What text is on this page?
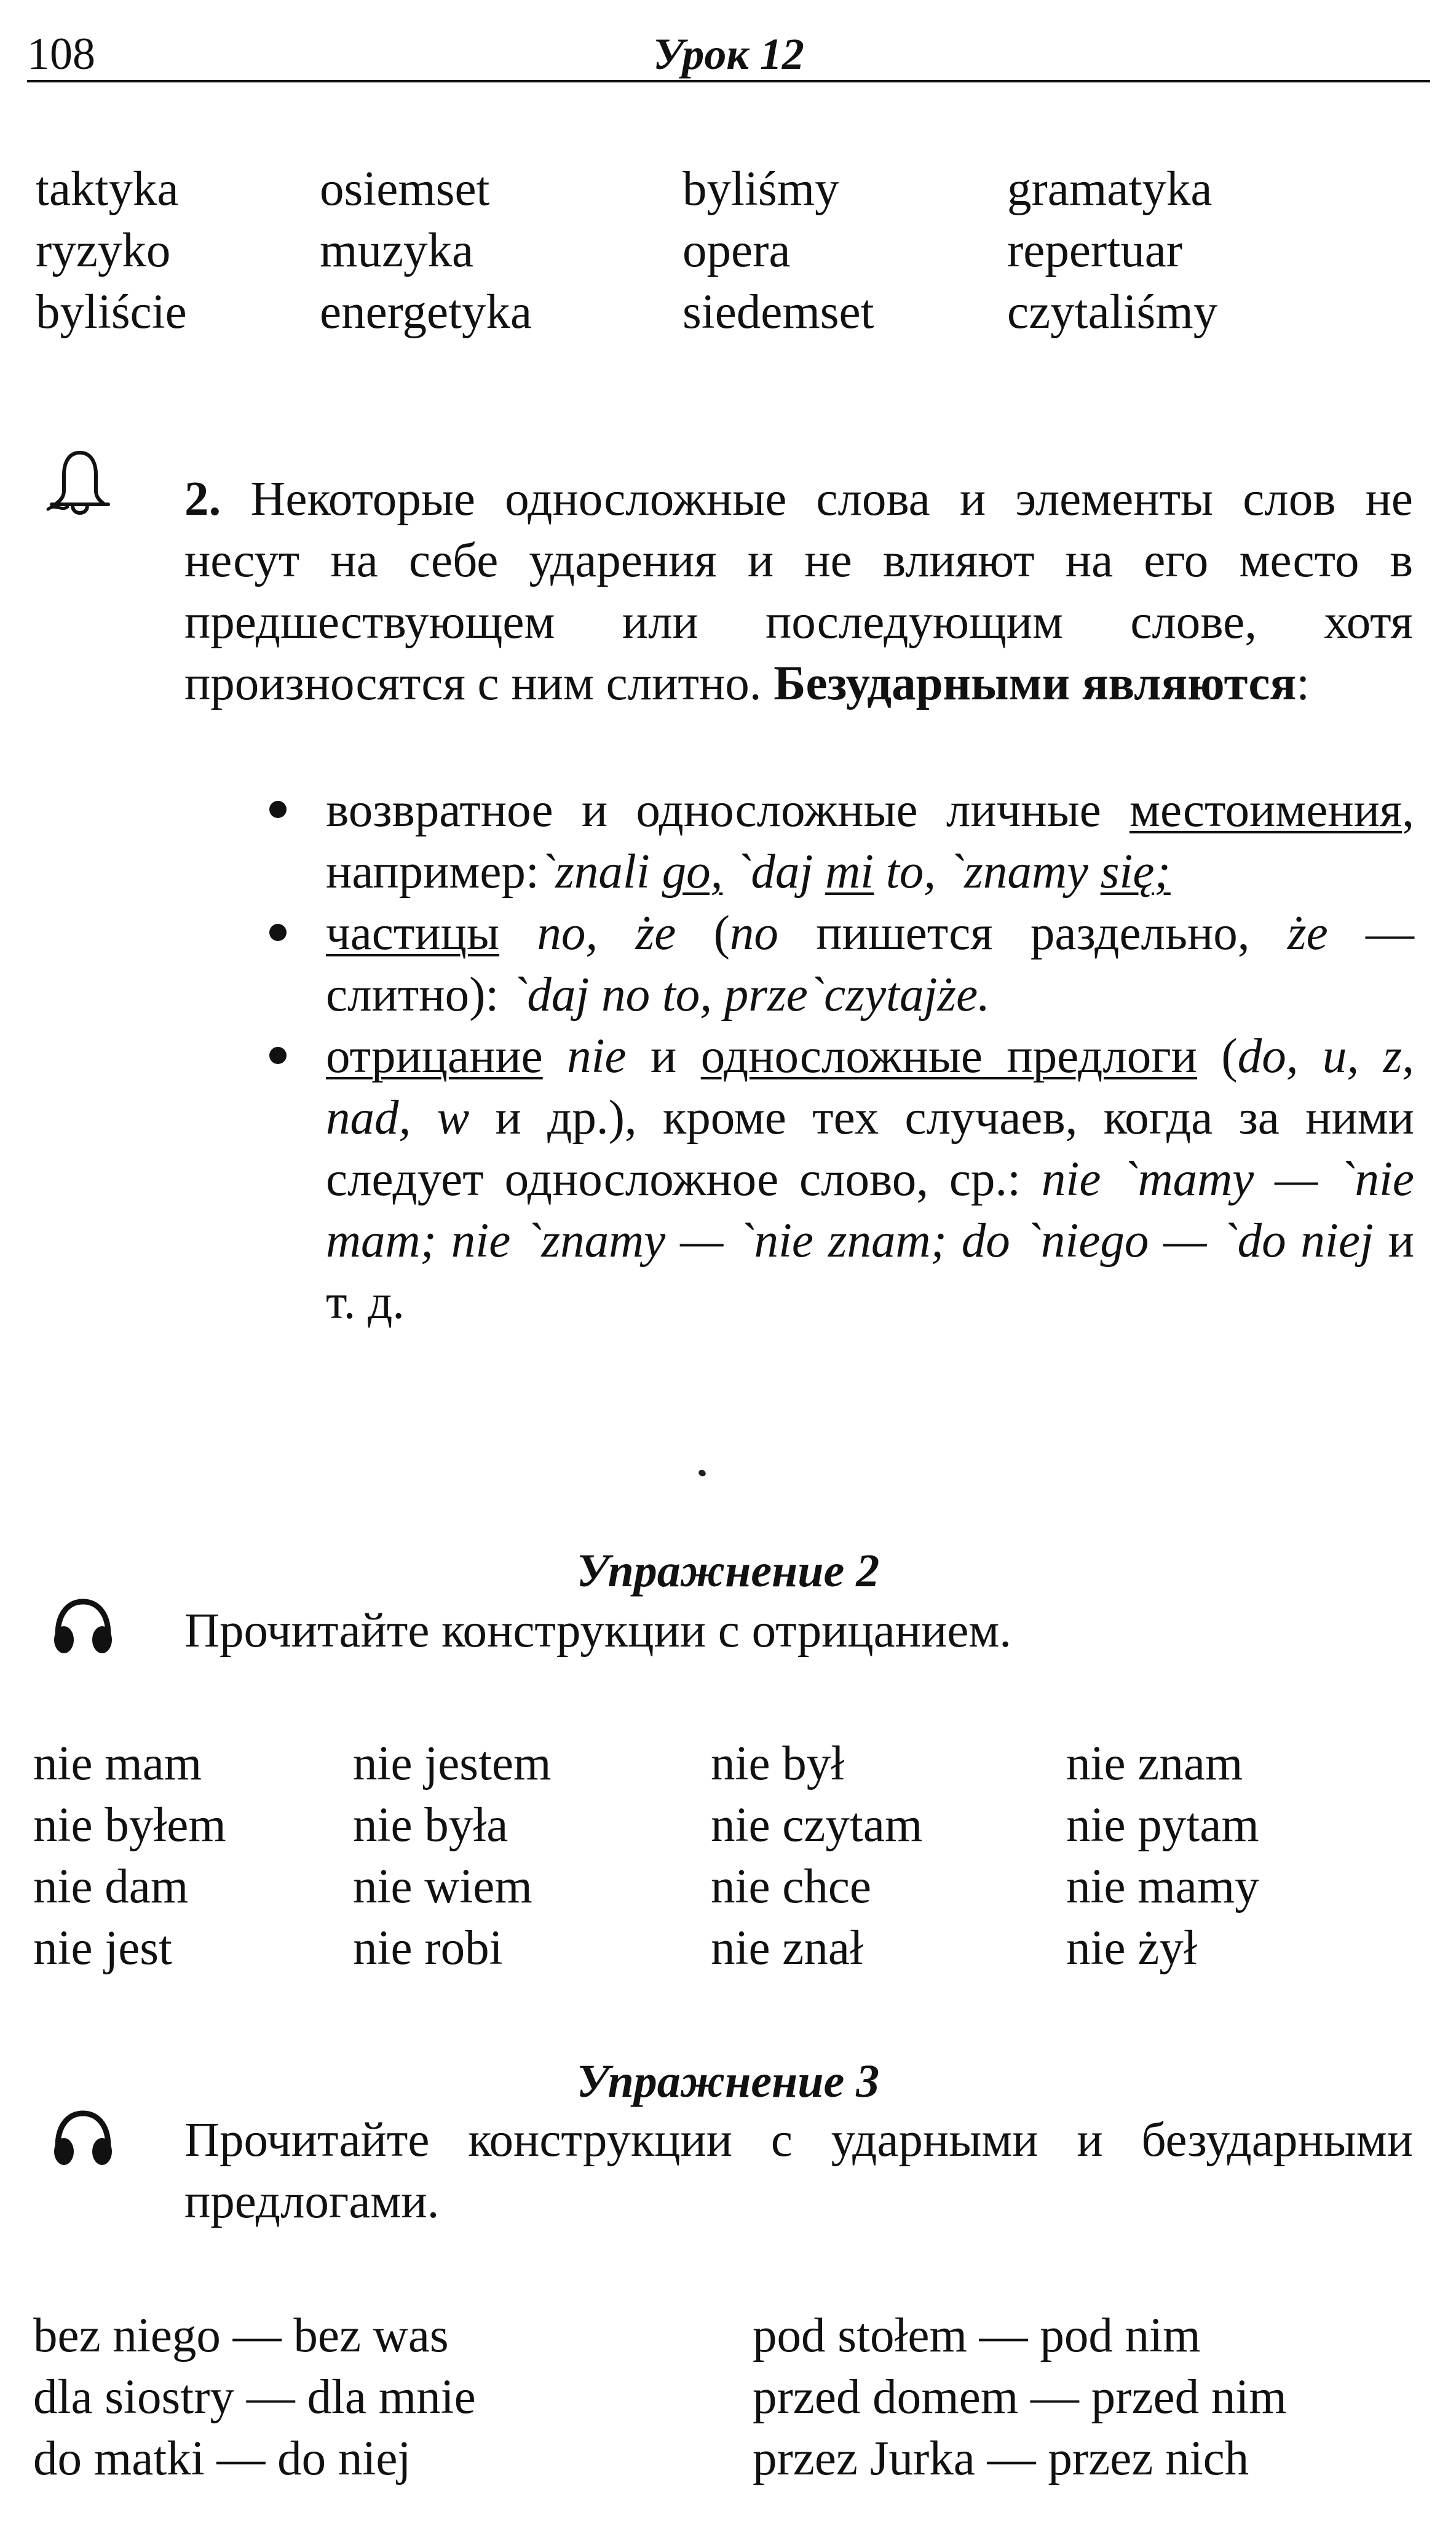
108	Урок 12
taktyka	osiemset	byliśmy	gramatyka
ryzyko	muzyka	opera	repertuar
byliście	energetyka	siedemset	czytaliśmy
2. Некоторые односложные слова и элементы слов не несут на себе ударения и не влияют на его место в предшествующем или последующим слове, хотя произносятся с ним слитно. Безударными являются:
возвратное и односложные личные местоимения, например:`znali go, `daj mi to, `znamy się;
частицы no, że (no пишется раздельно, że — слитно): `daj no to, prze`czytajże.
отрицание nie и односложные предлоги (do, u, z, nad, w и др.), кроме тех случаев, когда за ними следует односложное слово, ср.: nie `mamy — `nie mam; nie `znamy — `nie znam; do `niego — `do niej и т. д.
Упражнение 2
Прочитайте конструкции с отрицанием.
nie mam	nie jestem	nie był	nie znam
nie byłem	nie była	nie czytam	nie pytam
nie dam	nie wiem	nie chce	nie mamy
nie jest	nie robi	nie znał	nie żył
Упражнение 3
Прочитайте конструкции с ударными и безударными предлогами.
bez niego — bez was	pod stołem — pod nim
dla siostry — dla mnie	przed domem — przed nim
do matki — do niej	przez Jurka — przez nich
